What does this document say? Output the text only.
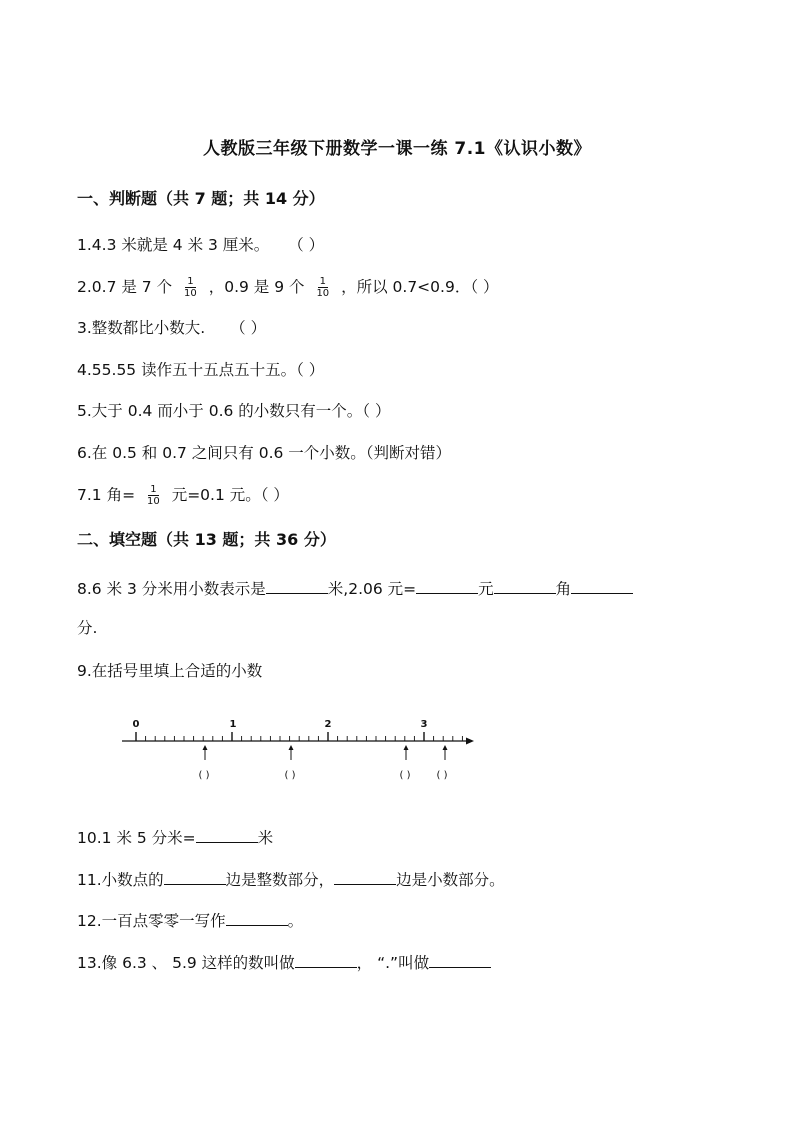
人教版三年级下册数学一课一练 7.1《认识小数》
一、判断题（共 7 题；共 14 分）
1.4.3 米就是 4 米 3 厘米。 （ ）
2.0.7 是 7 个 $\frac{1}{10}$ ，0.9 是 9 个 $\frac{1}{10}$ ，所以 0.7<0.9．（ ）
3.整数都比小数大. （ ）
4.55.55 读作五十五点五十五。（ ）
5.大于 0.4 而小于 0.6 的小数只有一个。（ ）
6.在 0.5 和 0.7 之间只有 0.6 一个小数。（判断对错）
7.1 角= $\frac{1}{10}$ 元=0.1 元。（ ）
二、填空题（共 13 题；共 36 分）
8.6 米 3 分米用小数表示是	米,2.06 元=	元	角
分.
9.在括号里填上合适的小数
0	1	2	3
( )	( )	( )	( )
10.1 米 5 分米=	米
11.小数点的	边是整数部分，	边是小数部分。
12.一百点零零一写作	。
13.像 6.3 、 5.9 这样的数叫做	， “.”叫做
